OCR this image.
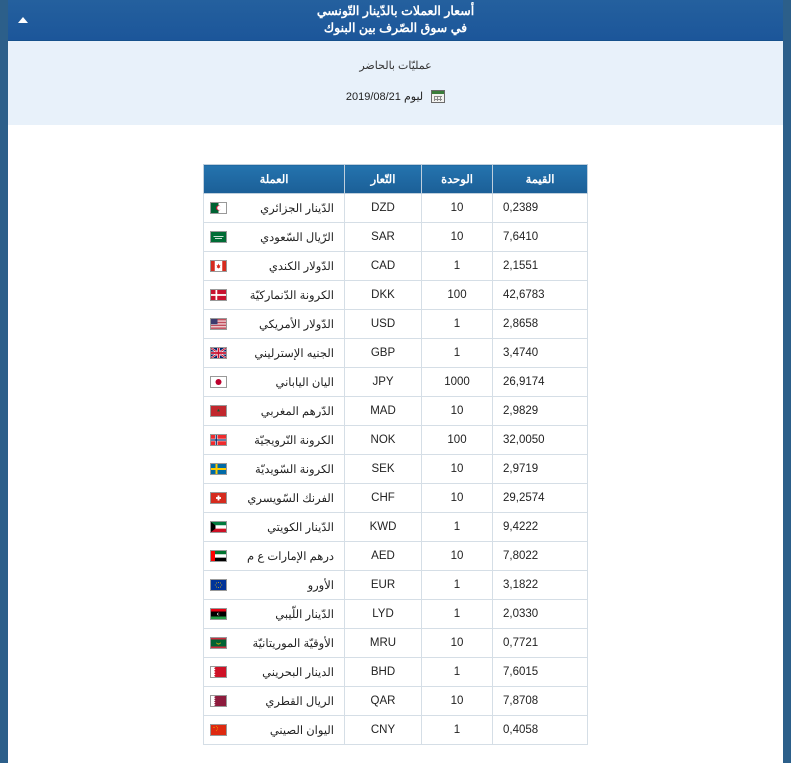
أسعار العملات بالدّينار التّونسي
في سوق الصّرف بين البنوك
عمليّات بالحاضر
ليوم 2019/08/21
القيمة	الوحدة	التّعار	العملة
0,2389	10	DZD	الدّينار الجزائري

7,6410	10	SAR	الرّيال السّعودي

2,1551	1	CAD	الدّولار الكندي

42,6783	100	DKK	الكرونة الدّنماركيّة

2,8658	1	USD	الدّولار الأمريكي

3,4740	1	GBP	الجنيه الإسترليني

26,9174	1000	JPY	اليان الياباني

2,9829	10	MAD	الدّرهم المغربي

32,0050	100	NOK	الكرونة النّرويجيّة

2,9719	10	SEK	الكرونة السّويديّة

29,2574	10	CHF	الفرنك السّويسري

9,4222	1	KWD	الدّينار الكويتي

7,8022	10	AED	درهم الإمارات ع م

3,1822	1	EUR	الأورو

2,0330	1	LYD	الدّينار اللّيبي

0,7721	10	MRU	الأوقيّة الموريتانيّة

7,6015	1	BHD	الدينار البحريني

7,8708	10	QAR	الريال القطري

0,4058	1	CNY	اليوان الصيني
